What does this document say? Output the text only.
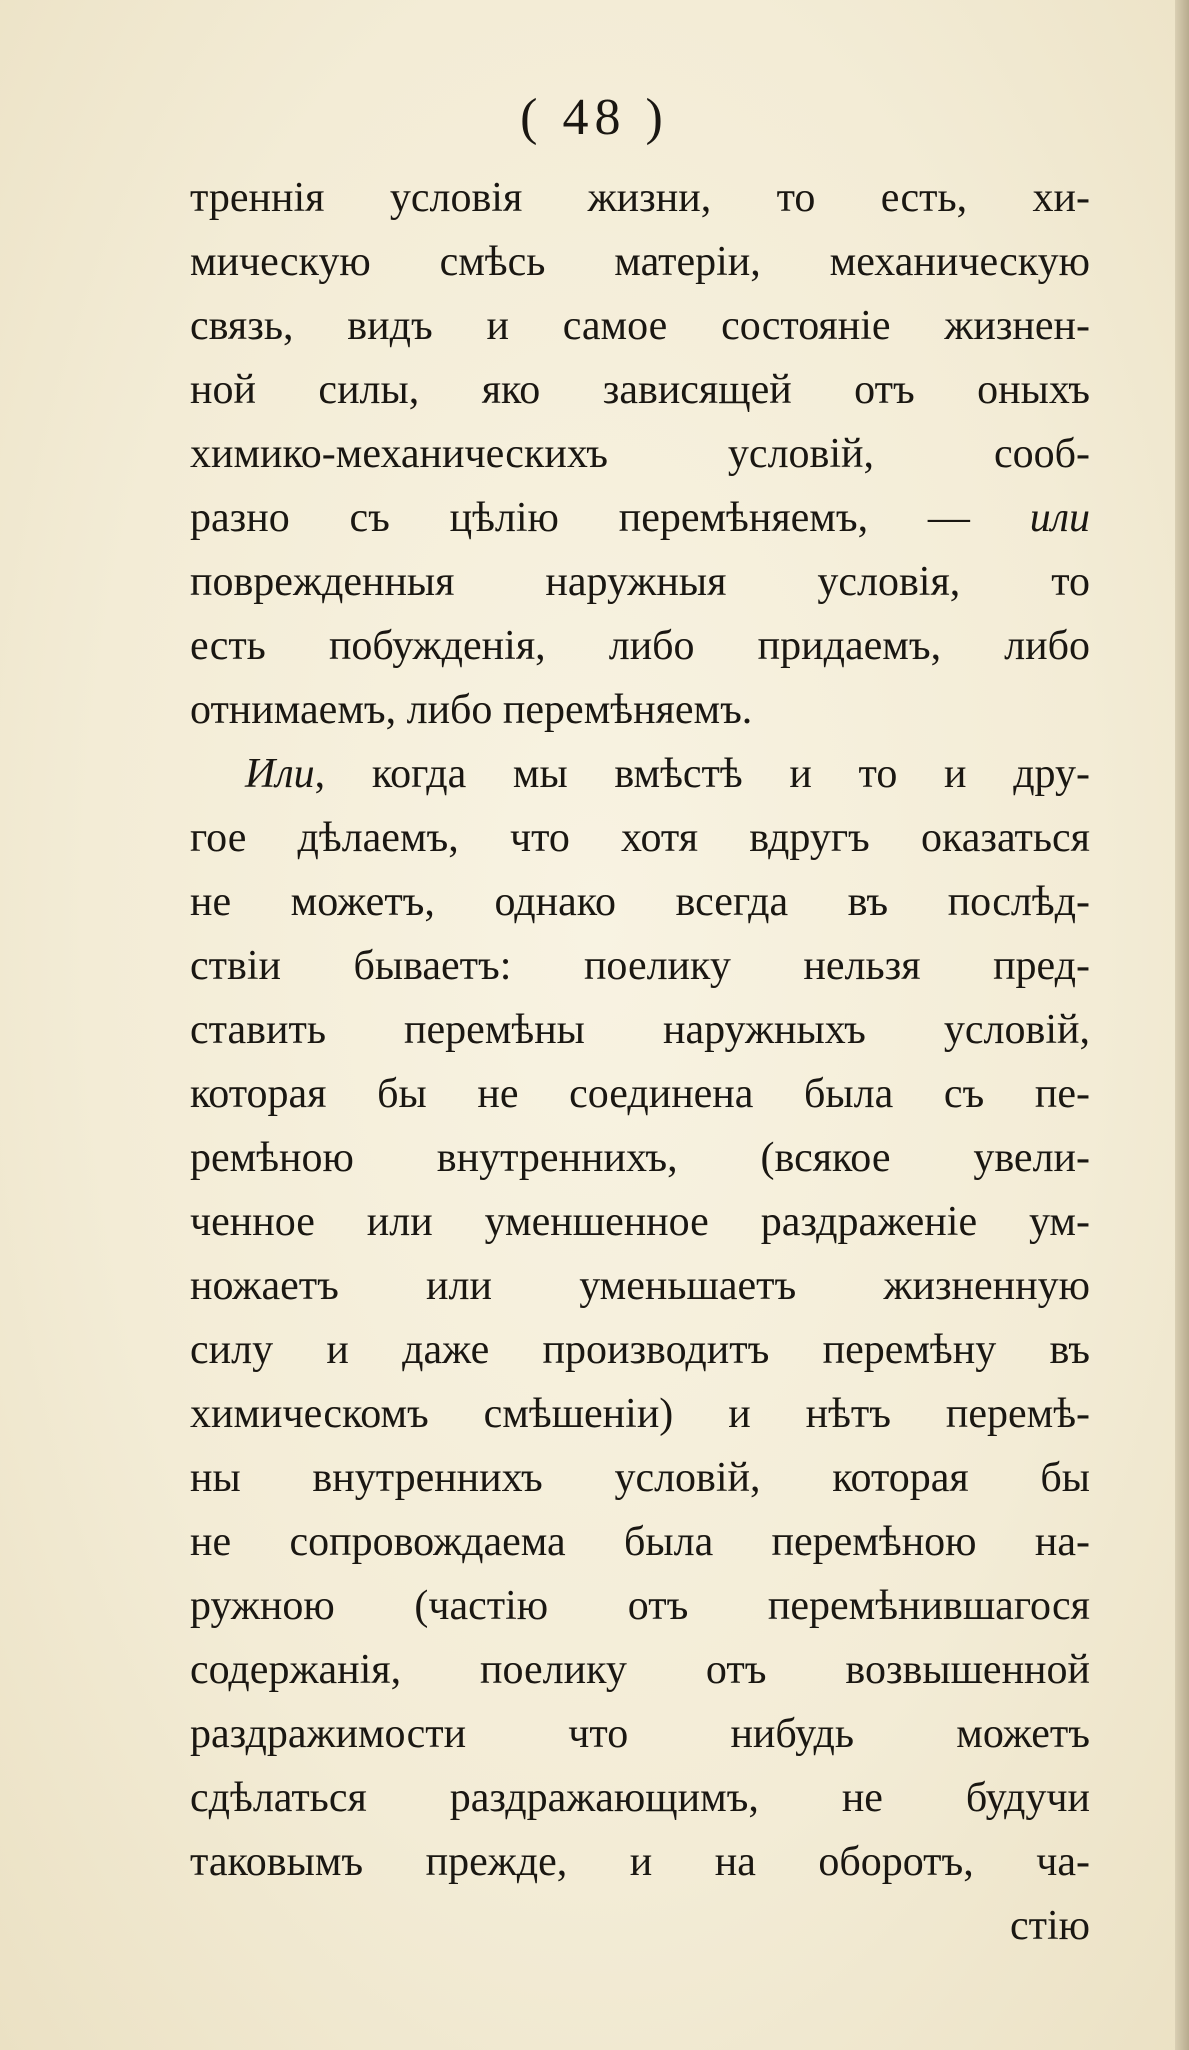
( 48 )
треннія условія жизни, то есть, хи-
мическую смѣсь матеріи, механическую
связь, видъ и самое состояніе жизнен-
ной силы, яко зависящей отъ оныхъ
химико-механическихъ условій, сооб-
разно съ цѣлію перемѣняемъ, — или
поврежденныя наружныя условія, то
есть побужденія, либо придаемъ, либо
отнимаемъ, либо перемѣняемъ.
Или, когда мы вмѣстѣ и то и дру-
гое дѣлаемъ, что хотя вдругъ оказаться
не можетъ, однако всегда въ послѣд-
ствіи бываетъ: поелику нельзя пред-
ставить перемѣны наружныхъ условій,
которая бы не соединена была съ пе-
ремѣною внутреннихъ, (всякое увели-
ченное или уменшенное раздраженіе ум-
ножаетъ или уменьшаетъ жизненную
силу и даже производитъ перемѣну въ
химическомъ смѣшеніи) и нѣтъ перемѣ-
ны внутреннихъ условій, которая бы
не сопровождаема была перемѣною на-
ружною (частію отъ перемѣнившагося
содержанія, поелику отъ возвышенной
раздражимости что нибудь можетъ
сдѣлаться раздражающимъ, не будучи
таковымъ прежде, и на оборотъ, ча-
стію
